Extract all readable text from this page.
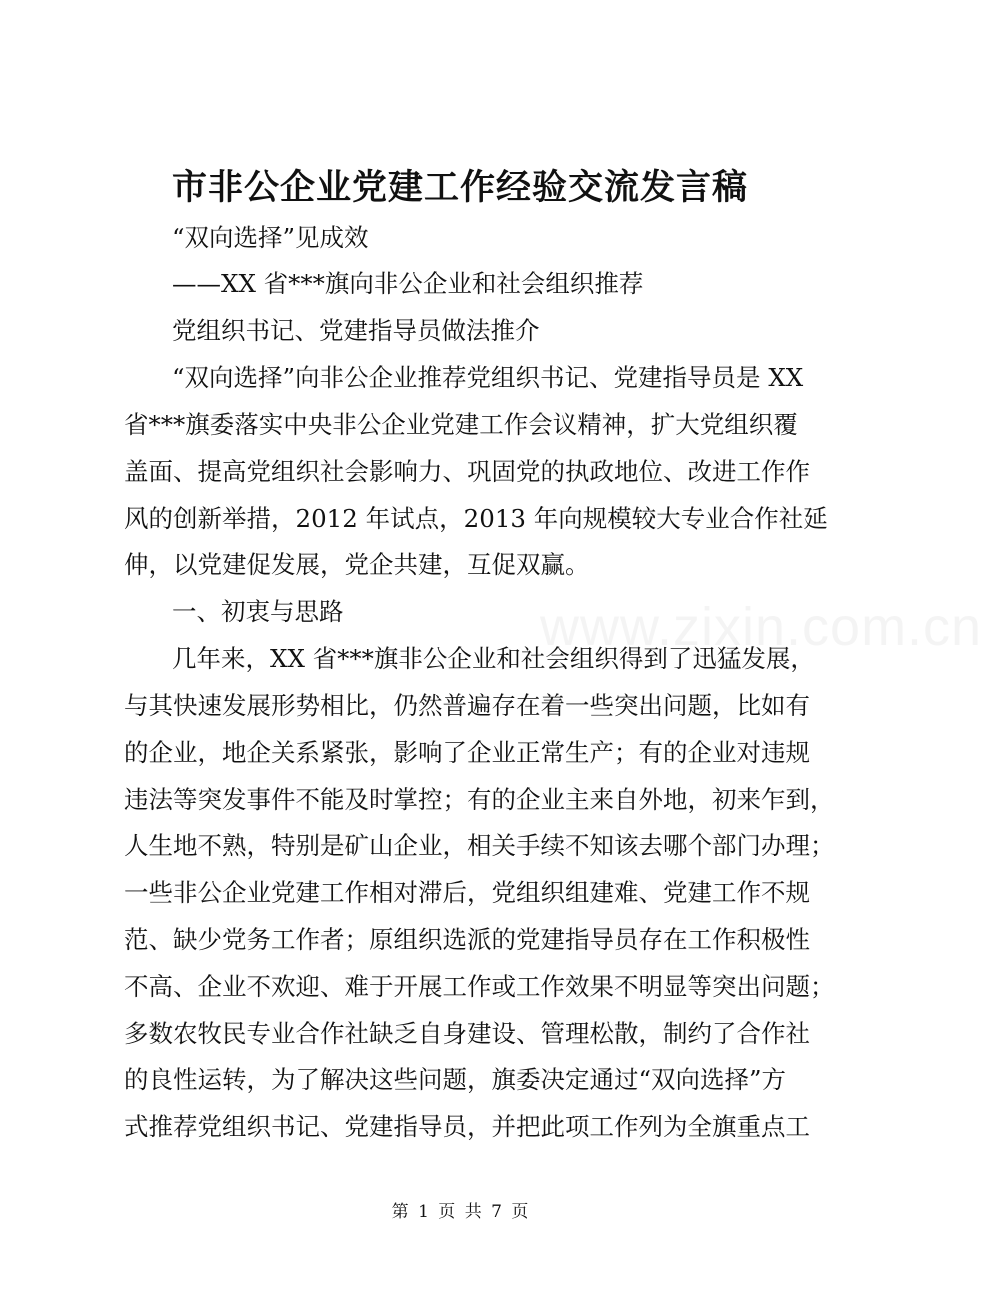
www.zixin.com.cn
市非公企业党建工作经验交流发言稿
“双向选择”见成效
——XX 省***旗向非公企业和社会组织推荐
党组织书记、党建指导员做法推介
“双向选择”向非公企业推荐党组织书记、党建指导员是 XX
省***旗委落实中央非公企业党建工作会议精神，扩大党组织覆
盖面、提高党组织社会影响力、巩固党的执政地位、改进工作作
风的创新举措，2012 年试点，2013 年向规模较大专业合作社延
伸，以党建促发展，党企共建，互促双赢。
一、初衷与思路
几年来，XX 省***旗非公企业和社会组织得到了迅猛发展，
与其快速发展形势相比，仍然普遍存在着一些突出问题，比如有
的企业，地企关系紧张，影响了企业正常生产；有的企业对违规
违法等突发事件不能及时掌控；有的企业主来自外地，初来乍到，
人生地不熟，特别是矿山企业，相关手续不知该去哪个部门办理；
一些非公企业党建工作相对滞后，党组织组建难、党建工作不规
范、缺少党务工作者；原组织选派的党建指导员存在工作积极性
不高、企业不欢迎、难于开展工作或工作效果不明显等突出问题；
多数农牧民专业合作社缺乏自身建设、管理松散，制约了合作社
的良性运转，为了解决这些问题，旗委决定通过“双向选择”方
式推荐党组织书记、党建指导员，并把此项工作列为全旗重点工
第 1 页 共 7 页
